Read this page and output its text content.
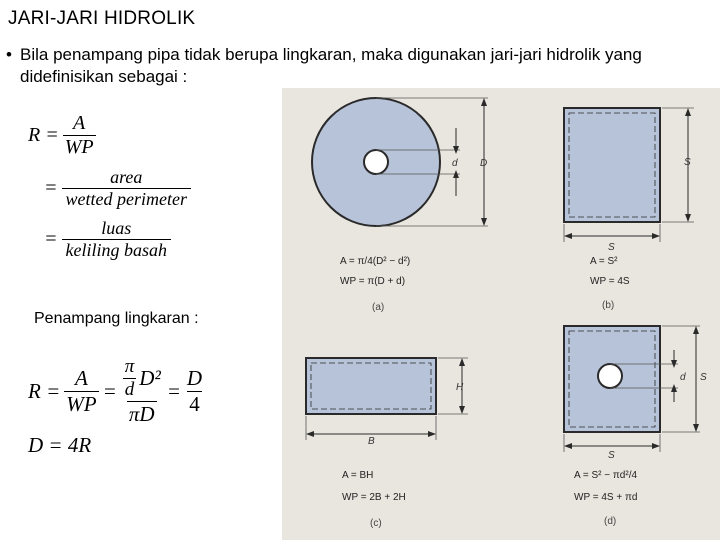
JARI-JARI HIDROLIK
• Bila penampang pipa tidak berupa lingkaran, maka digunakan jari-jari hidrolik yang didefinisikan sebagai :
$R = \frac{A}{WP}$
= $\frac{\text{area}}{\text{wetted perimeter}}$
= $\frac{\text{luas}}{\text{keliling basah}}$
Penampang lingkaran :
$R = \frac{A}{WP} = \frac{\frac{\pi}{d} D^2}{\pi D} = \frac{D}{4}$
D = 4R
d D
A = π/4(D² − d²)
WP = π(D + d)
(a)
S
S
A = S²
WP = 4S
(b)
H
B
A = BH
WP = 2B + 2H
(c)
d S
S
A = S² − πd²/4
WP = 4S + πd
(d)
